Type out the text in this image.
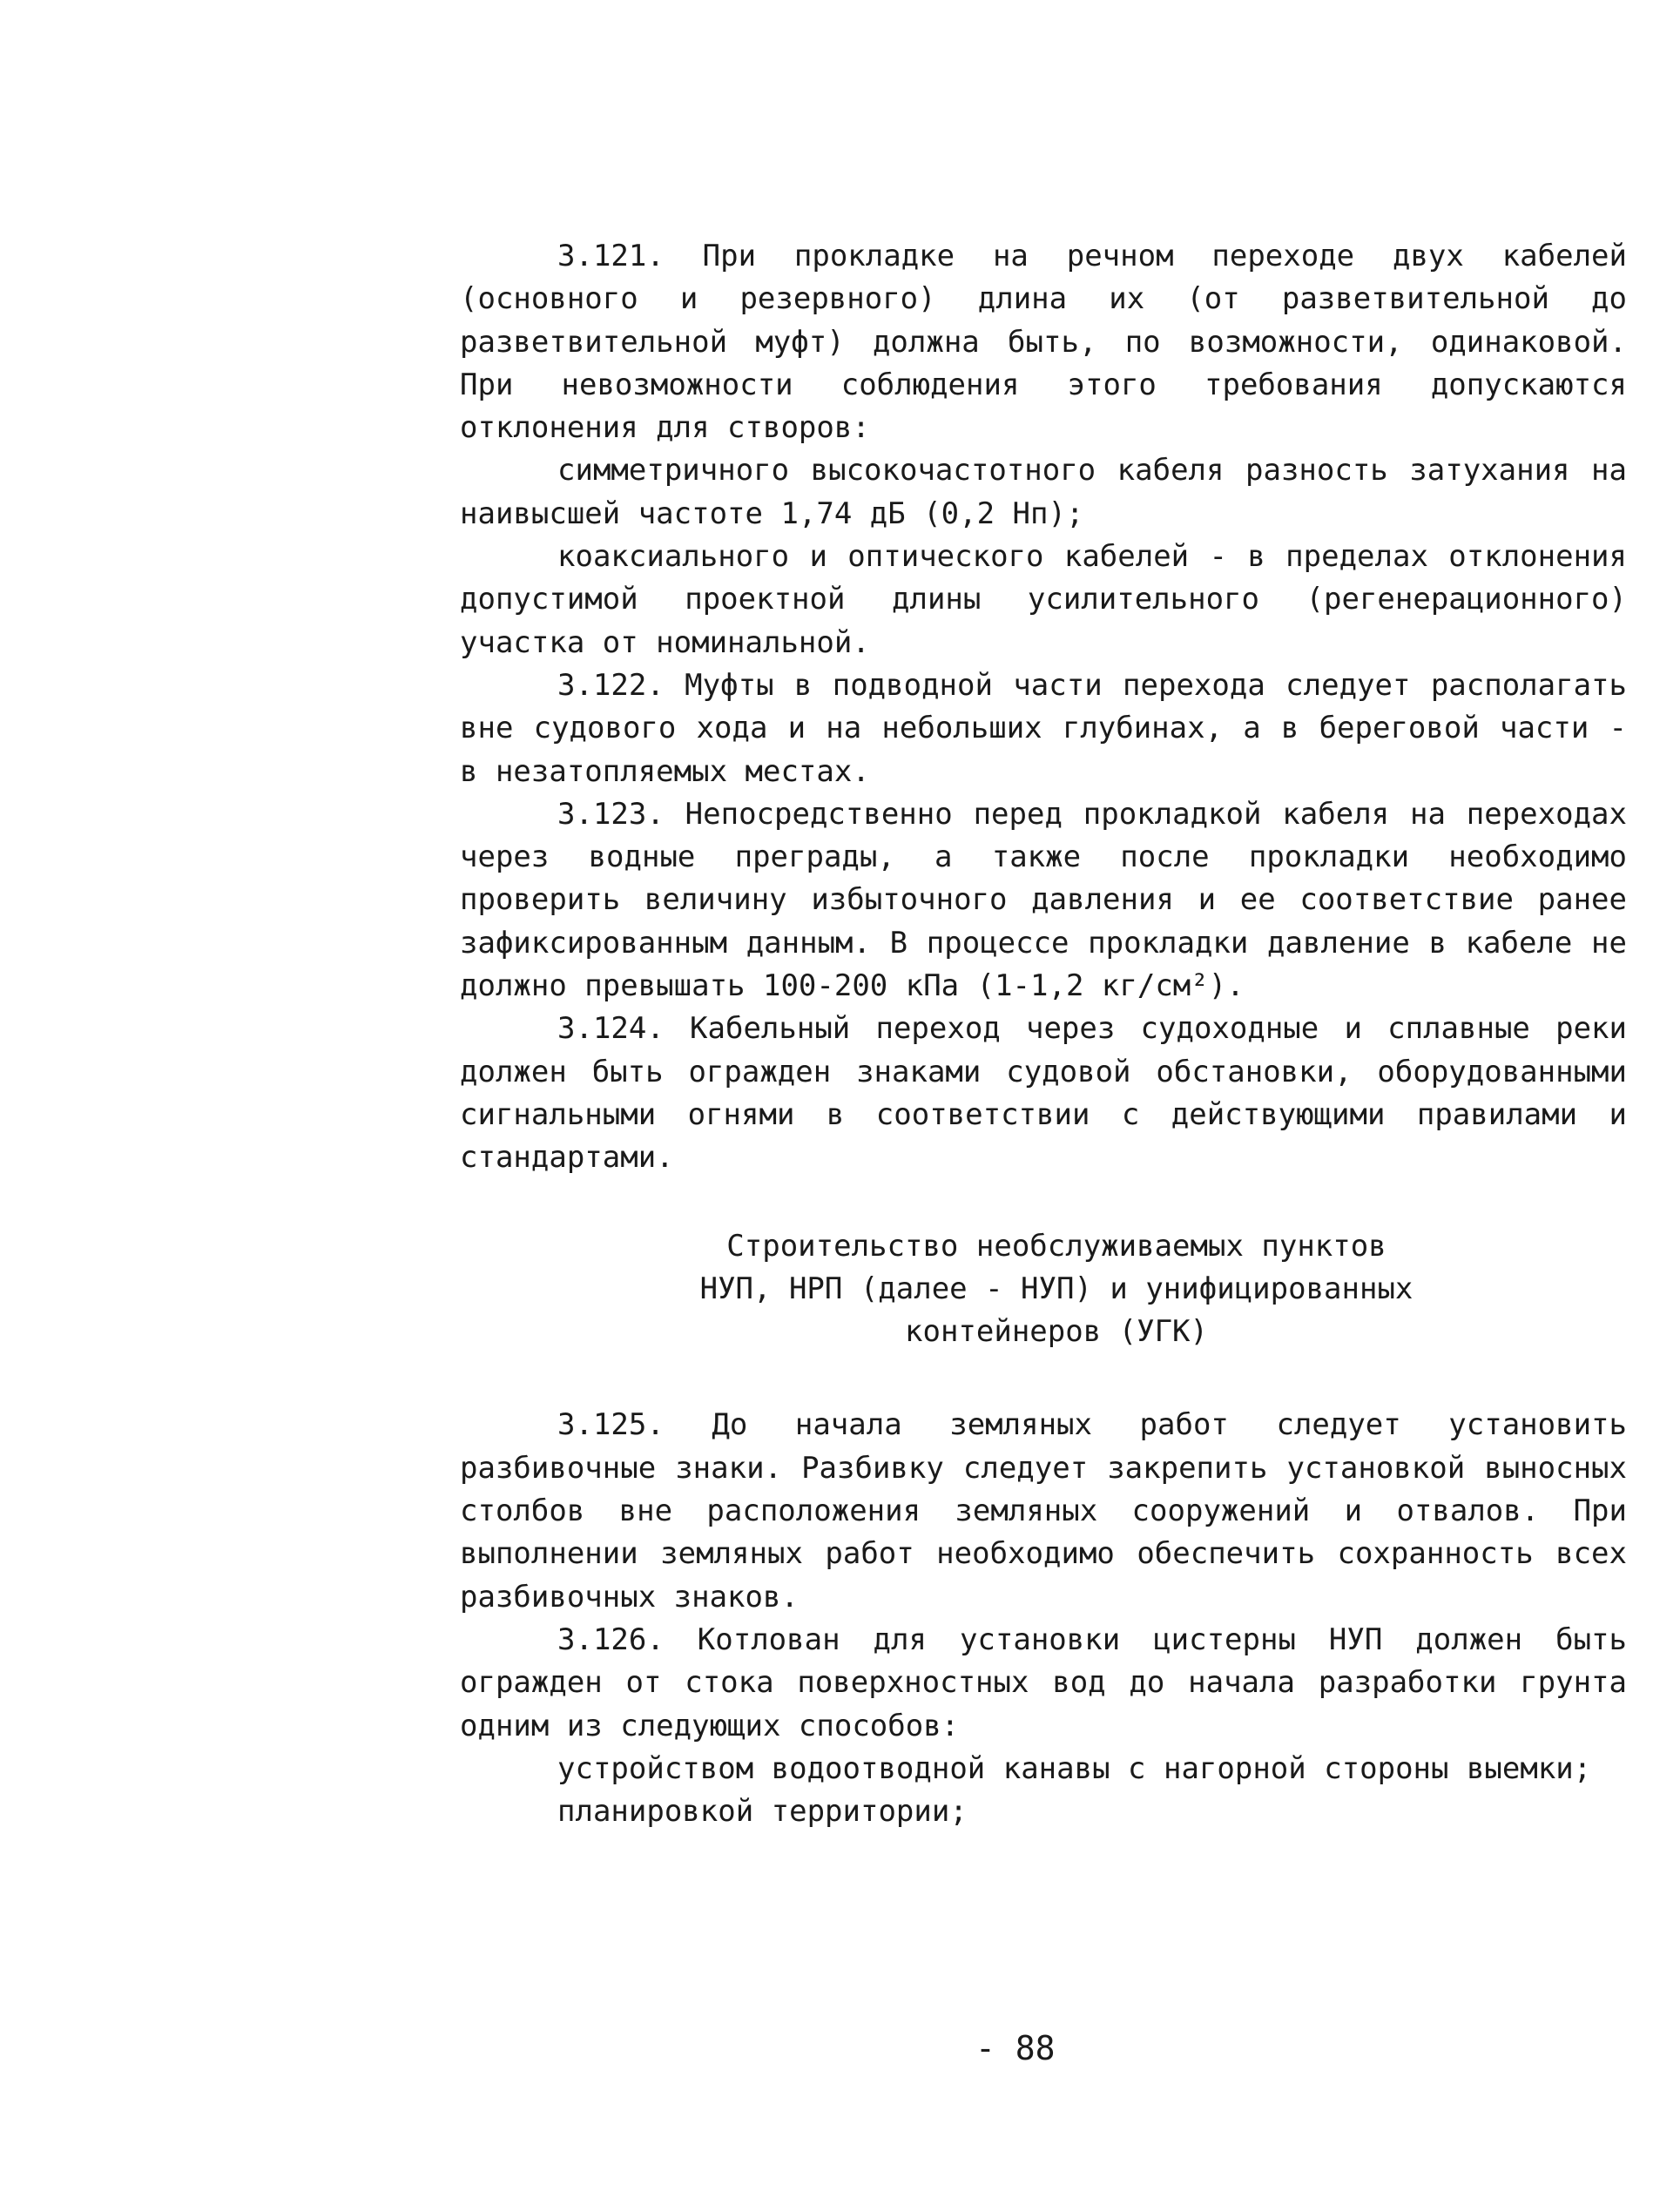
3.121. При прокладке на речном переходе двух кабелей (основного и резервного) длина их (от разветвительной до разветвительной муфт) должна быть, по возможности, одинаковой. При невозможности соблюдения этого требования допускаются отклонения для створов:

симметричного высокочастотного кабеля разность затухания на наивысшей частоте 1,74 дБ (0,2 Нп);

коаксиального и оптического кабелей - в пределах отклонения допустимой проектной длины усилительного (регенерационного) участка от номинальной.

3.122. Муфты в подводной части перехода следует располагать вне судового хода и на небольших глубинах, а в береговой части - в незатопляемых местах.

3.123. Непосредственно перед прокладкой кабеля на переходах через водные преграды, а также после прокладки необходимо проверить величину избыточного давления и ее соответствие ранее зафиксированным данным. В процессе прокладки давление в кабеле не должно превышать 100-200 кПа (1-1,2 кг/см²).

3.124. Кабельный переход через судоходные и сплавные реки должен быть огражден знаками судовой обстановки, оборудованными сигнальными огнями в соответствии с действующими правилами и стандартами.

Строительство необслуживаемых пунктов
НУП, НРП (далее - НУП) и унифицированных
контейнеров (УГК)

3.125. До начала земляных работ следует установить разбивочные знаки. Разбивку следует закрепить установкой выносных столбов вне расположения земляных сооружений и отвалов. При выполнении земляных работ необходимо обеспечить сохранность всех разбивочных знаков.

3.126. Котлован для установки цистерны НУП должен быть огражден от стока поверхностных вод до начала разработки грунта одним из следующих способов:

устройством водоотводной канавы с нагорной стороны выемки;

планировкой территории;

- 88
